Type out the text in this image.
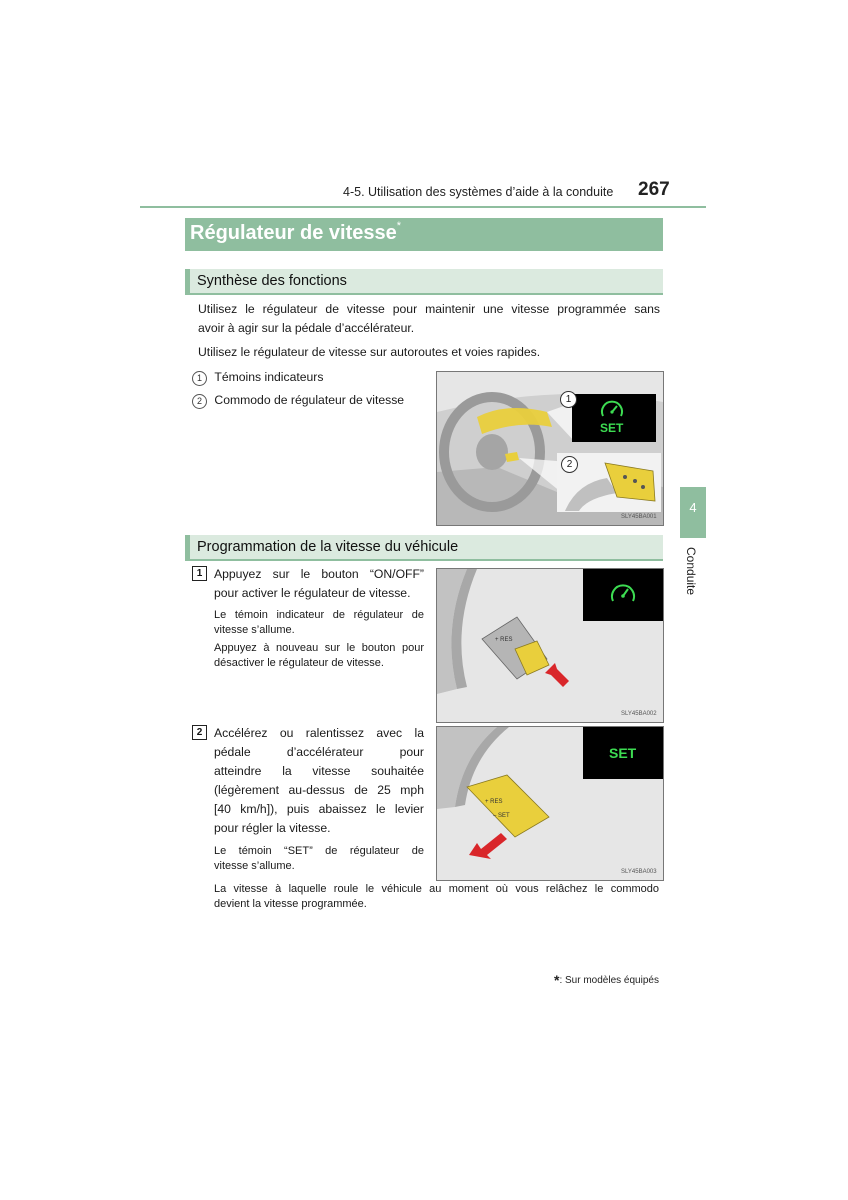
4-5. Utilisation des systèmes d’aide à la conduite 267
Régulateur de vitesse*
Synthèse des fonctions
Utilisez le régulateur de vitesse pour maintenir une vitesse programmée sans
avoir à agir sur la pédale d’accélérateur.
Utilisez le régulateur de vitesse sur autoroutes et voies rapides.
1 Témoins indicateurs
2 Commodo de régulateur de vitesse
SET
1
2
SLY45BA001
Programmation de la vitesse du véhicule
1 Appuyez sur le bouton “ON/OFF”
pour activer le régulateur de vitesse.
Le témoin indicateur de régulateur de
vitesse s’allume.
Appuyez à nouveau sur le bouton pour
désactiver le régulateur de vitesse.
+ RES
SLY45BA002
2 Accélérez ou ralentissez avec la
pédale d’accélérateur pour
atteindre la vitesse souhaitée
(légèrement au-dessus de 25 mph
[40 km/h]), puis abaissez le levier
pour régler la vitesse.
Le témoin “SET” de régulateur de
vitesse s’allume.
+ RES
– SET
SET
SLY45BA003
La vitesse à laquelle roule le véhicule au moment où vous relâchez le commodo
devient la vitesse programmée.
4
Conduite
*: Sur modèles équipés
